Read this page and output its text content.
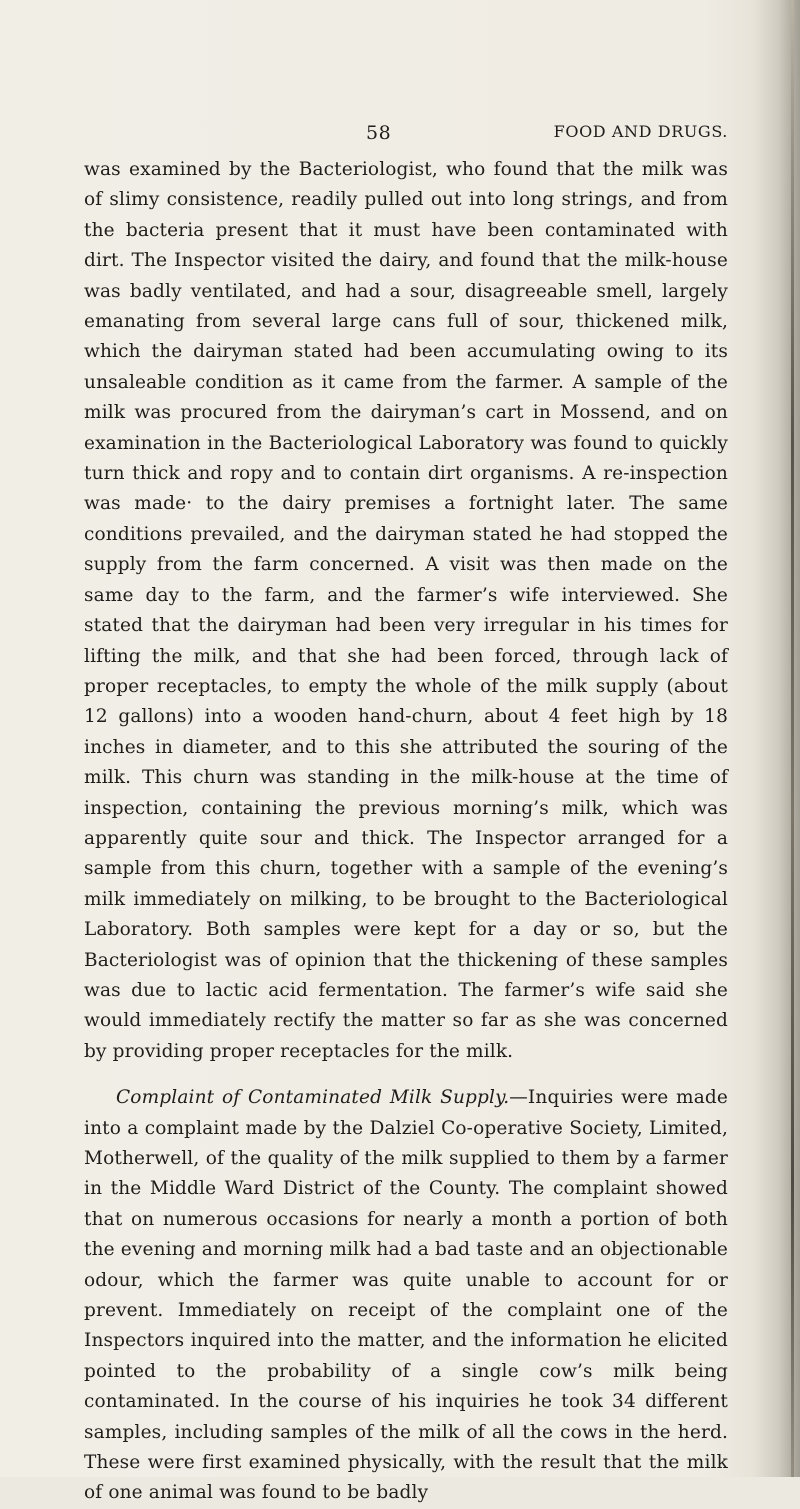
58	FOOD AND DRUGS.

was examined by the Bacteriologist, who found that the milk was of slimy consistence, readily pulled out into long strings, and from the bacteria present that it must have been contaminated with dirt. The Inspector visited the dairy, and found that the milk-house was badly ventilated, and had a sour, disagreeable smell, largely emanating from several large cans full of sour, thickened milk, which the dairyman stated had been accumulating owing to its unsaleable condition as it came from the farmer. A sample of the milk was procured from the dairyman’s cart in Mossend, and on examination in the Bacteriological Laboratory was found to quickly turn thick and ropy and to contain dirt organisms. A re-inspection was made· to the dairy premises a fortnight later. The same conditions prevailed, and the dairyman stated he had stopped the supply from the farm concerned. A visit was then made on the same day to the farm, and the farmer’s wife interviewed. She stated that the dairyman had been very irregular in his times for lifting the milk, and that she had been forced, through lack of proper receptacles, to empty the whole of the milk supply (about 12 gallons) into a wooden hand-churn, about 4 feet high by 18 inches in diameter, and to this she attributed the souring of the milk. This churn was standing in the milk-house at the time of inspection, containing the previous morning’s milk, which was apparently quite sour and thick. The Inspector arranged for a sample from this churn, together with a sample of the evening’s milk immediately on milking, to be brought to the Bacteriological Laboratory. Both samples were kept for a day or so, but the Bacteriologist was of opinion that the thickening of these samples was due to lactic acid fermentation. The farmer’s wife said she would immediately rectify the matter so far as she was concerned by providing proper receptacles for the milk.

Complaint of Contaminated Milk Supply.—Inquiries were made into a complaint made by the Dalziel Co-operative Society, Limited, Motherwell, of the quality of the milk supplied to them by a farmer in the Middle Ward District of the County. The complaint showed that on numerous occasions for nearly a month a portion of both the evening and morning milk had a bad taste and an objectionable odour, which the farmer was quite unable to account for or prevent. Immediately on receipt of the complaint one of the Inspectors inquired into the matter, and the information he elicited pointed to the probability of a single cow’s milk being contaminated. In the course of his inquiries he took 34 different samples, including samples of the milk of all the cows in the herd. These were first examined physically, with the result that the milk of one animal was found to be badly
